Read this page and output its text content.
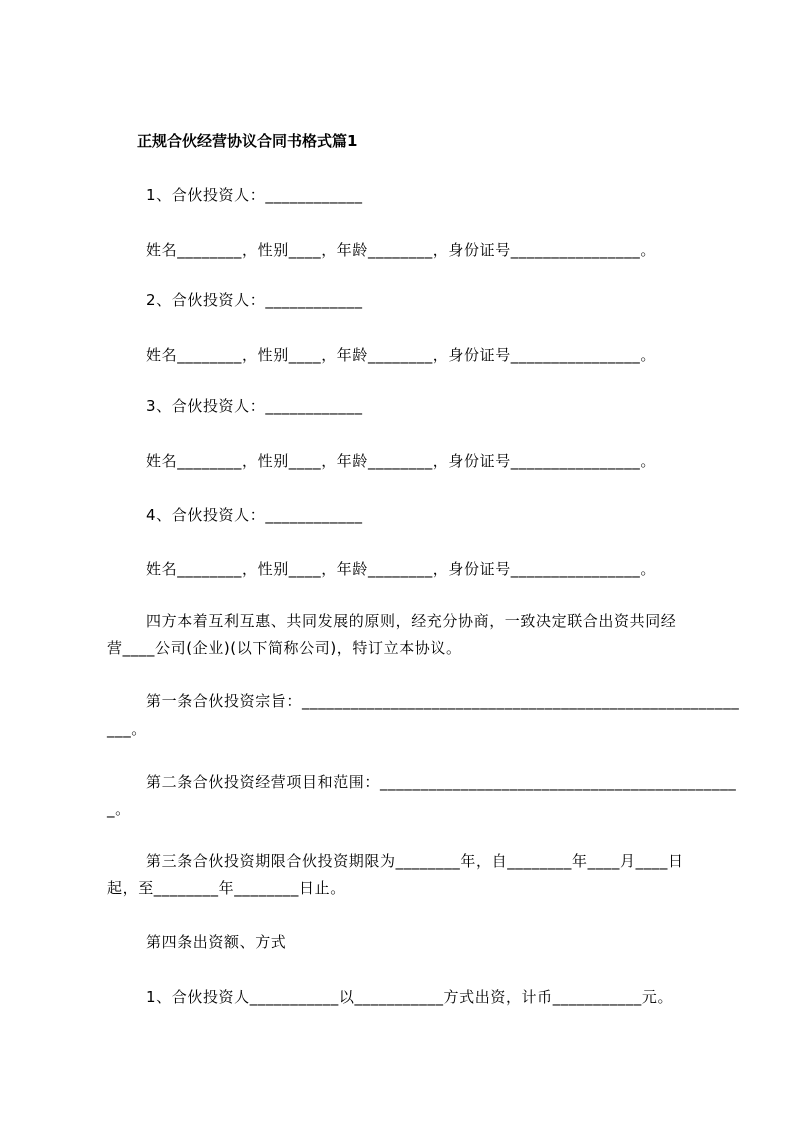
正规合伙经营协议合同书格式篇1
1、合伙投资人：____________
姓名________，性别____，年龄________，身份证号________________。
2、合伙投资人：____________
姓名________，性别____，年龄________，身份证号________________。
3、合伙投资人：____________
姓名________，性别____，年龄________，身份证号________________。
4、合伙投资人：____________
姓名________，性别____，年龄________，身份证号________________。
四方本着互利互惠、共同发展的原则，经充分协商，一致决定联合出资共同经
营____公司(企业)(以下简称公司)，特订立本协议。
第一条合伙投资宗旨：______________________________________________________
___。
第二条合伙投资经营项目和范围：____________________________________________
_。
第三条合伙投资期限合伙投资期限为________年，自________年____月____日
起，至________年________日止。
第四条出资额、方式
1、合伙投资人___________以___________方式出资，计币___________元。
